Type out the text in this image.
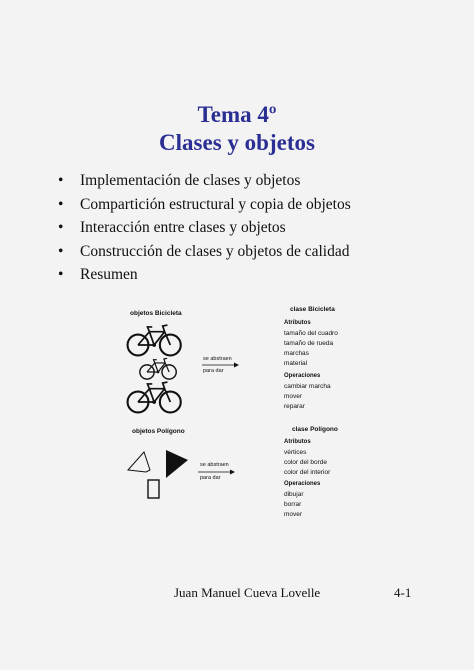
Tema 4º
Clases y objetos
• Implementación de clases y objetos
• Compartición estructural y copia de objetos
• Interacción entre clases y objetos
• Construcción de clases y objetos de calidad
• Resumen
objetos Bicicleta
se abstraen
para dar
clase Bicicleta
Atributos
tamaño del cuadro
tamaño de rueda
marchas
material
Operaciones
cambiar marcha
mover
reparar
objetos Polígono
se abstraen
para dar
clase Polígono
Atributos
vértices
color del borde
color del interior
Operaciones
dibujar
borrar
mover
Juan Manuel Cueva Lovelle	4-1
